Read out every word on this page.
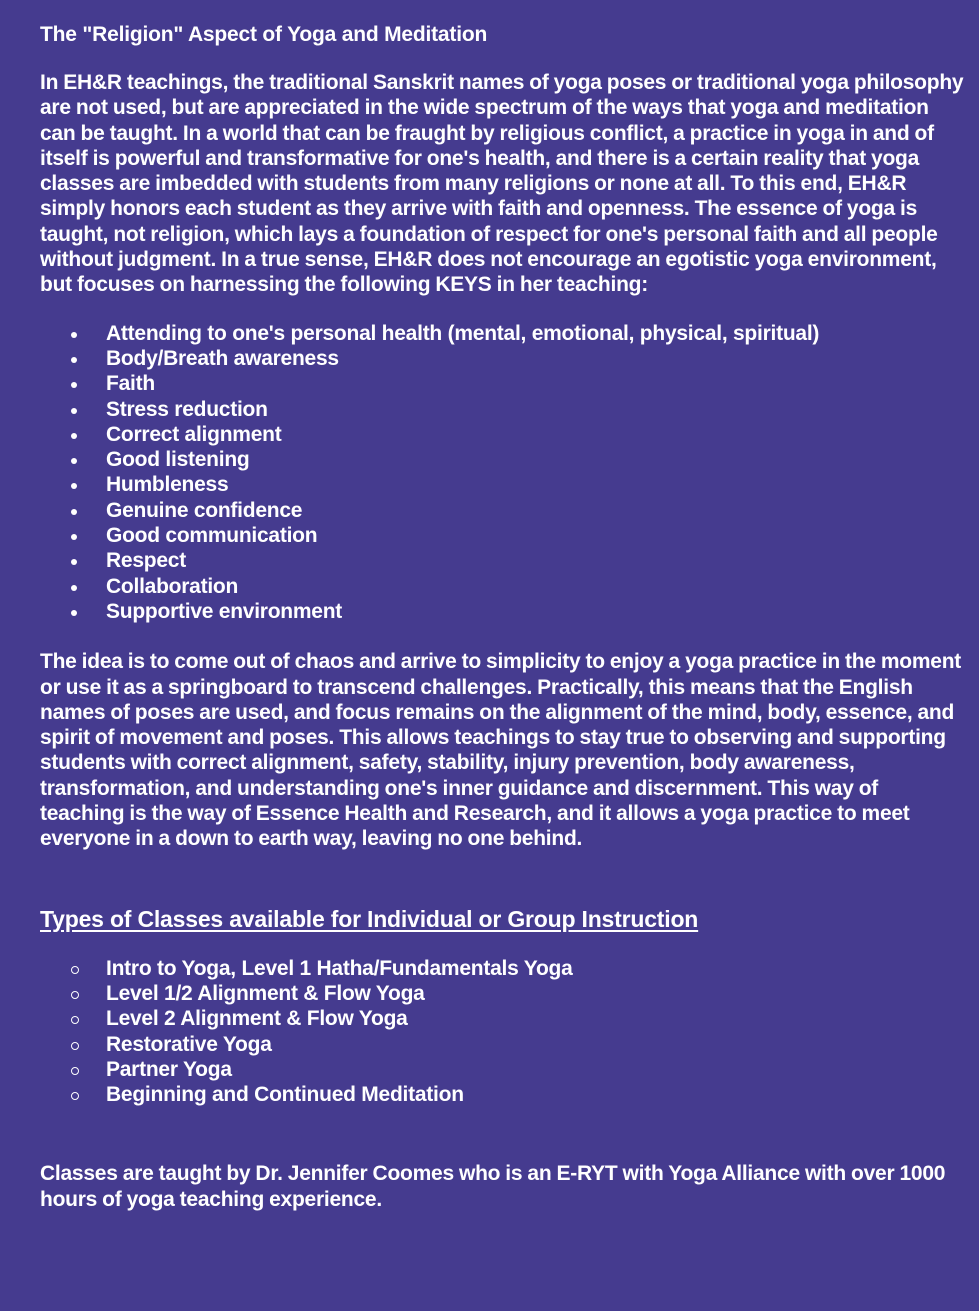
The "Religion" Aspect of Yoga and Meditation

In EH&R teachings, the traditional Sanskrit names of yoga poses or traditional yoga philosophy are not used, but are appreciated in the wide spectrum of the ways that yoga and meditation can be taught. In a world that can be fraught by religious conflict, a practice in yoga in and of itself is powerful and transformative for one's health, and there is a certain reality that yoga classes are imbedded with students from many religions or none at all. To this end, EH&R simply honors each student as they arrive with faith and openness. The essence of yoga is taught, not religion, which lays a foundation of respect for one's personal faith and all people without judgment. In a true sense, EH&R does not encourage an egotistic yoga environment, but focuses on harnessing the following KEYS in her teaching:

Attending to one's personal health (mental, emotional, physical, spiritual)
Body/Breath awareness
Faith
Stress reduction
Correct alignment
Good listening
Humbleness
Genuine confidence
Good communication
Respect
Collaboration
Supportive environment

The idea is to come out of chaos and arrive to simplicity to enjoy a yoga practice in the moment or use it as a springboard to transcend challenges. Practically, this means that the English names of poses are used, and focus remains on the alignment of the mind, body, essence, and spirit of movement and poses. This allows teachings to stay true to observing and supporting students with correct alignment, safety, stability, injury prevention, body awareness, transformation, and understanding one's inner guidance and discernment. This way of teaching is the way of Essence Health and Research, and it allows a yoga practice to meet everyone in a down to earth way, leaving no one behind.

Types of Classes available for Individual or Group Instruction
Intro to Yoga, Level 1 Hatha/Fundamentals Yoga
Level 1/2 Alignment & Flow Yoga
Level 2 Alignment & Flow Yoga
Restorative Yoga
Partner Yoga
Beginning and Continued Meditation

Classes are taught by Dr. Jennifer Coomes who is an E-RYT with Yoga Alliance with over 1000 hours of yoga teaching experience.
